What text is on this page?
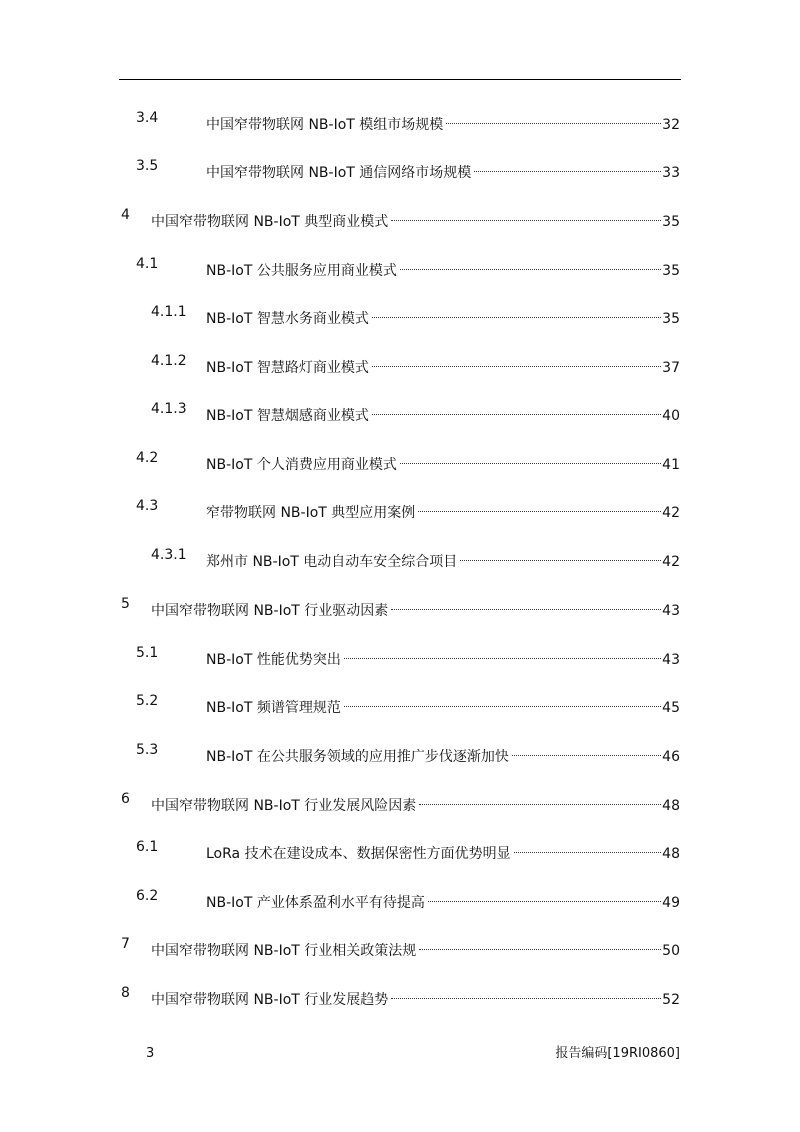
3.4	中国窄带物联网 NB-IoT 模组市场规模	32
3.5	中国窄带物联网 NB-IoT 通信网络市场规模	33
4 中国窄带物联网 NB-IoT 典型商业模式	35
4.1	NB-IoT 公共服务应用商业模式	35
4.1.1 NB-IoT 智慧水务商业模式	35
4.1.2 NB-IoT 智慧路灯商业模式	37
4.1.3 NB-IoT 智慧烟感商业模式	40
4.2	NB-IoT 个人消费应用商业模式	41
4.3	窄带物联网 NB-IoT 典型应用案例	42
4.3.1 郑州市 NB-IoT 电动自动车安全综合项目	42
5 中国窄带物联网 NB-IoT 行业驱动因素	43
5.1	NB-IoT 性能优势突出	43
5.2	NB-IoT 频谱管理规范	45
5.3	NB-IoT 在公共服务领域的应用推广步伐逐渐加快	46
6 中国窄带物联网 NB-IoT 行业发展风险因素	48
6.1	LoRa 技术在建设成本、数据保密性方面优势明显	48
6.2	NB-IoT 产业体系盈利水平有待提高	49
7 中国窄带物联网 NB-IoT 行业相关政策法规	50
8 中国窄带物联网 NB-IoT 行业发展趋势	52
3	报告编码[19RI0860]
